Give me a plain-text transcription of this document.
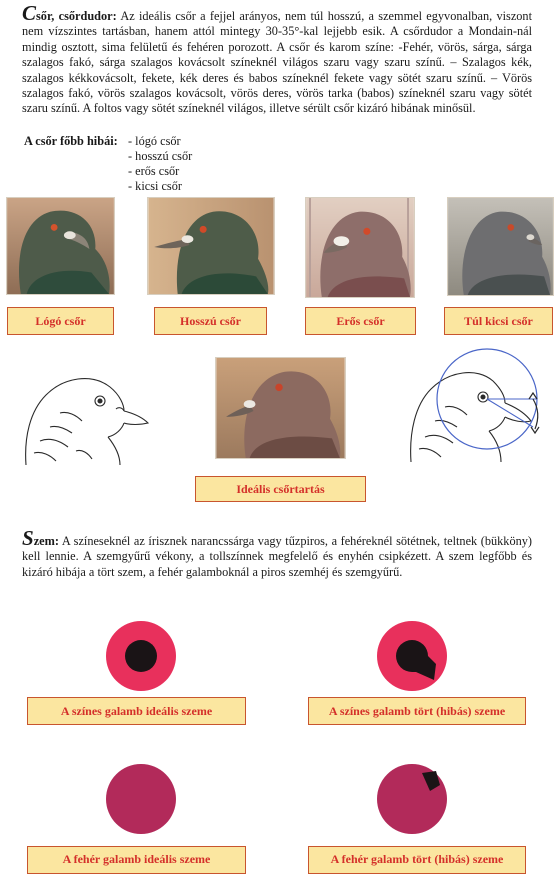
Csőr, csőrdudor: Az ideális csőr a fejjel arányos, nem túl hosszú, a szemmel egyvonalban, viszont nem vízszintes tartásban, hanem attól mintegy 30-35°-kal lejjebb esik. A csőrdudor a Mondain-nál mindig osztott, sima felületű és fehéren porozott. A csőr és karom színe: -Fehér, vörös, sárga, sárga szalagos fakó, sárga szalagos kovácsolt színeknél világos szaru vagy szaru színű. – Szalagos kék, szalagos kékkovácsolt, fekete, kék deres és babos színeknél fekete vagy sötét szaru színű. – Vörös szalagos fakó, vörös szalagos kovácsolt, vörös deres, vörös tarka (babos) színeknél szaru vagy sötét szaru színű. A foltos vagy sötét színeknél világos, illetve sérült csőr kizáró hibának minősül.
A csőr főbb hibái: - lógó csőr
- hosszú csőr
- erős csőr
- kicsi csőr
Lógó csőr	Hosszú csőr	Erős csőr	Túl kicsi csőr
Ideális csőrtartás
Szem: A színeseknél az írisznek narancssárga vagy tűzpiros, a fehéreknél sötétnek, teltnek (bükköny) kell lennie. A szemgyűrű vékony, a tollszínnek megfelelő és enyhén csipkézett. A szem legfőbb és kizáró hibája a tört szem, a fehér galamboknál a piros szemhéj és szemgyűrű.
A színes galamb ideális szeme	A színes galamb tört (hibás) szeme
A fehér galamb ideális szeme	A fehér galamb tört (hibás) szeme
